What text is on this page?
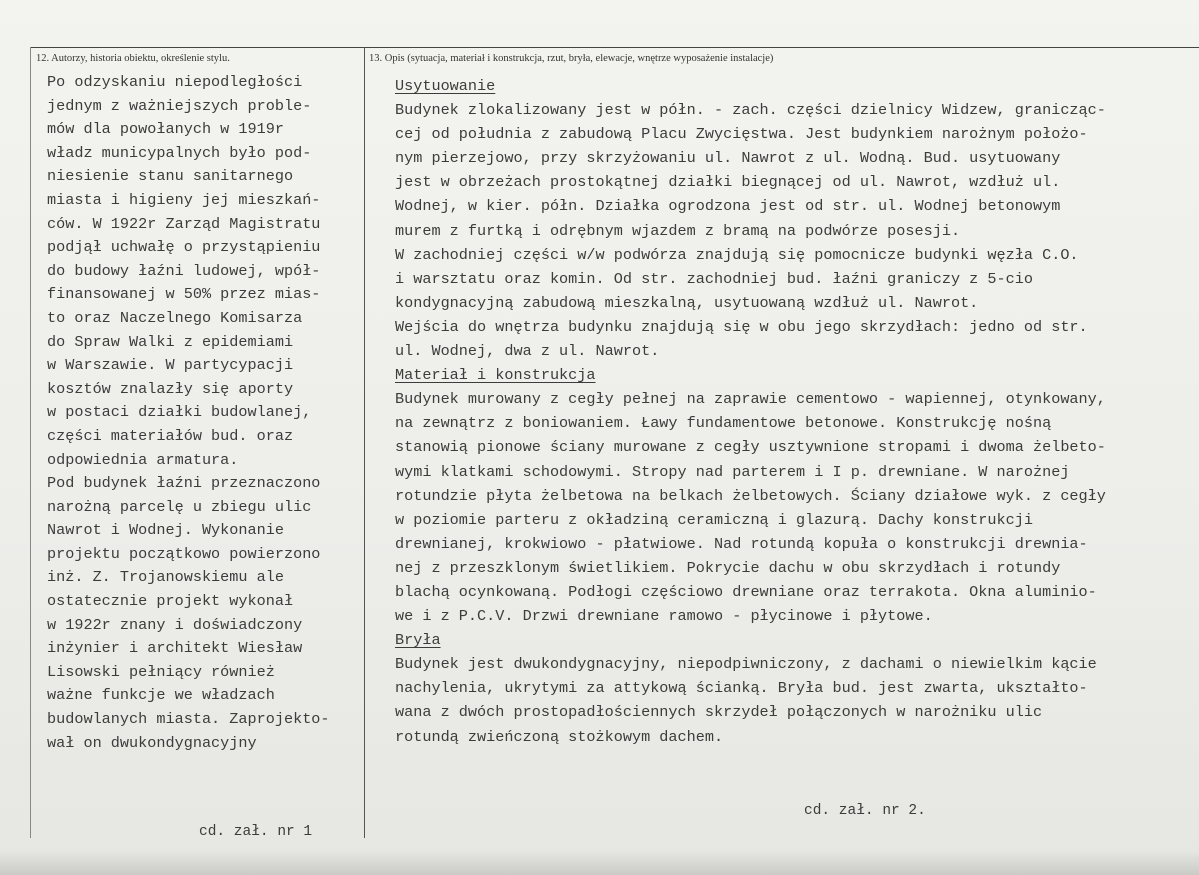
12. Autorzy, historia obiektu, określenie stylu.	13. Opis (sytuacja, materiał i konstrukcja, rzut, bryła, elewacje, wnętrze wyposażenie instalacje)
Po odzyskaniu niepodległości
jednym z ważniejszych proble-
mów dla powołanych w 1919r
władz municypalnych było pod-
niesienie stanu sanitarnego
miasta i higieny jej mieszkań-
ców. W 1922r Zarząd Magistratu
podjął uchwałę o przystąpieniu
do budowy łaźni ludowej, wpół-
finansowanej w 50% przez mias-
to oraz Naczelnego Komisarza
do Spraw Walki z epidemiami
w Warszawie. W partycypacji
kosztów znalazły się aporty
w postaci działki budowlanej,
części materiałów bud. oraz
odpowiednia armatura.
Pod budynek łaźni przeznaczono
narożną parcelę u zbiegu ulic
Nawrot i Wodnej. Wykonanie
projektu początkowo powierzono
inż. Z. Trojanowskiemu ale
ostatecznie projekt wykonał
w 1922r znany i doświadczony
inżynier i architekt Wiesław
Lisowski pełniący również
ważne funkcje we władzach
budowlanych miasta. Zaprojekto-
wał on dwukondygnacyjny
cd. zał. nr 1
Usytuowanie
Budynek zlokalizowany jest w półn. - zach. części dzielnicy Widzew, granicząc-
cej od południa z zabudową Placu Zwycięstwa. Jest budynkiem narożnym położo-
nym pierzejowo, przy skrzyżowaniu ul. Nawrot z ul. Wodną. Bud. usytuowany
jest w obrzeżach prostokątnej działki biegnącej od ul. Nawrot, wzdłuż ul.
Wodnej, w kier. półn. Działka ogrodzona jest od str. ul. Wodnej betonowym
murem z furtką i odrębnym wjazdem z bramą na podwórze posesji.
W zachodniej części w/w podwórza znajdują się pomocnicze budynki węzła C.O.
i warsztatu oraz komin. Od str. zachodniej bud. łaźni graniczy z 5-cio
kondygnacyjną zabudową mieszkalną, usytuowaną wzdłuż ul. Nawrot.
Wejścia do wnętrza budynku znajdują się w obu jego skrzydłach: jedno od str.
ul. Wodnej, dwa z ul. Nawrot.
Materiał i konstrukcja
Budynek murowany z cegły pełnej na zaprawie cementowo - wapiennej, otynkowany,
na zewnątrz z boniowaniem. Ławy fundamentowe betonowe. Konstrukcję nośną
stanowią pionowe ściany murowane z cegły usztywnione stropami i dwoma żelbeto-
wymi klatkami schodowymi. Stropy nad parterem i I p. drewniane. W narożnej
rotundzie płyta żelbetowa na belkach żelbetowych. Ściany działowe wyk. z cegły
w poziomie parteru z okładziną ceramiczną i glazurą. Dachy konstrukcji
drewnianej, krokwiowo - płatwiowe. Nad rotundą kopuła o konstrukcji drewnia-
nej z przeszklonym świetlikiem. Pokrycie dachu w obu skrzydłach i rotundy
blachą ocynkowaną. Podłogi częściowo drewniane oraz terrakota. Okna aluminio-
we i z P.C.V. Drzwi drewniane ramowo - płycinowe i płytowe.
Bryła
Budynek jest dwukondygnacyjny, niepodpiwniczony, z dachami o niewielkim kącie
nachylenia, ukrytymi za attykową ścianką. Bryła bud. jest zwarta, ukształto-
wana z dwóch prostopadłościennych skrzydeł połączonych w narożniku ulic
rotundą zwieńczoną stożkowym dachem.
cd. zał. nr 2.
